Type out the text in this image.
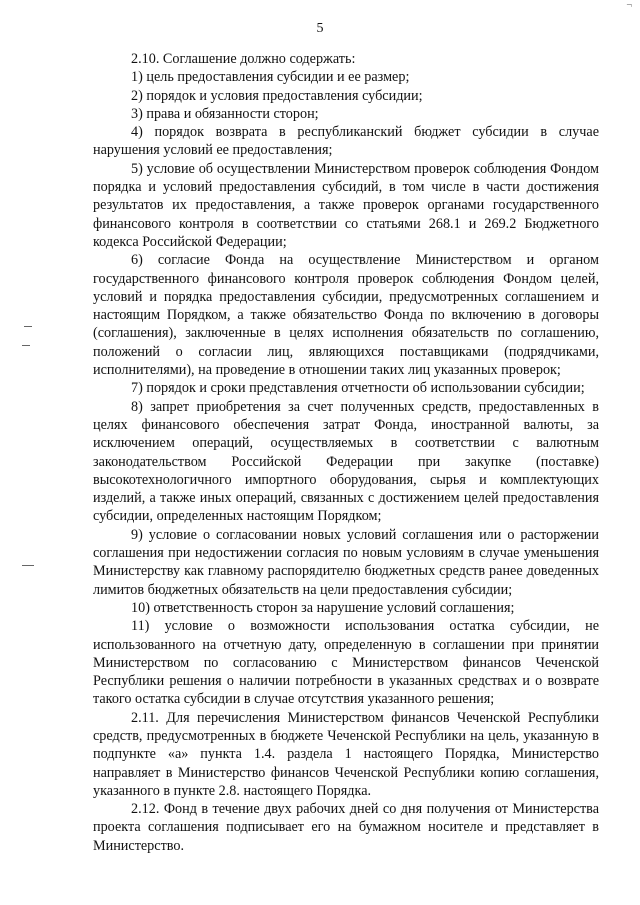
5
¬

2.10. Соглашение должно содержать:

1) цель предоставления субсидии и ее размер;

2) порядок и условия предоставления субсидии;

3) права и обязанности сторон;

4) порядок возврата в республиканский бюджет субсидии в случае нарушения условий ее предоставления;

5) условие об осуществлении Министерством проверок соблюдения Фондом порядка и условий предоставления субсидий, в том числе в части достижения результатов их предоставления, а также проверок органами государственного финансового контроля в соответствии со статьями 268.1 и 269.2 Бюджетного кодекса Российской Федерации;

6) согласие Фонда на осуществление Министерством и органом государственного финансового контроля проверок соблюдения Фондом целей, условий и порядка предоставления субсидии, предусмотренных соглашением и настоящим Порядком, а также обязательство Фонда по включению в договоры (соглашения), заключенные в целях исполнения обязательств по соглашению, положений о согласии лиц, являющихся поставщиками (подрядчиками, исполнителями), на проведение в отношении таких лиц указанных проверок;

7) порядок и сроки представления отчетности об использовании субсидии;

8) запрет приобретения за счет полученных средств, предоставленных в целях финансового обеспечения затрат Фонда, иностранной валюты, за исключением операций, осуществляемых в соответствии с валютным законодательством Российской Федерации при закупке (поставке) высокотехнологичного импортного оборудования, сырья и комплектующих изделий, а также иных операций, связанных с достижением целей предоставления субсидии, определенных настоящим Порядком;

9) условие о согласовании новых условий соглашения или о расторжении соглашения при недостижении согласия по новым условиям в случае уменьшения Министерству как главному распорядителю бюджетных средств ранее доведенных лимитов бюджетных обязательств на цели предоставления субсидии;

10) ответственность сторон за нарушение условий соглашения;

11) условие о возможности использования остатка субсидии, не использованного на отчетную дату, определенную в соглашении при принятии Министерством по согласованию с Министерством финансов Чеченской Республики решения о наличии потребности в указанных средствах и о возврате такого остатка субсидии в случае отсутствия указанного решения;

2.11. Для перечисления Министерством финансов Чеченской Республики средств, предусмотренных в бюджете Чеченской Республики на цель, указанную в подпункте «а» пункта 1.4. раздела 1 настоящего Порядка, Министерство направляет в Министерство финансов Чеченской Республики копию соглашения, указанного в пункте 2.8. настоящего Порядка.

2.12. Фонд в течение двух рабочих дней со дня получения от Министерства проекта соглашения подписывает его на бумажном носителе и представляет в Министерство.
